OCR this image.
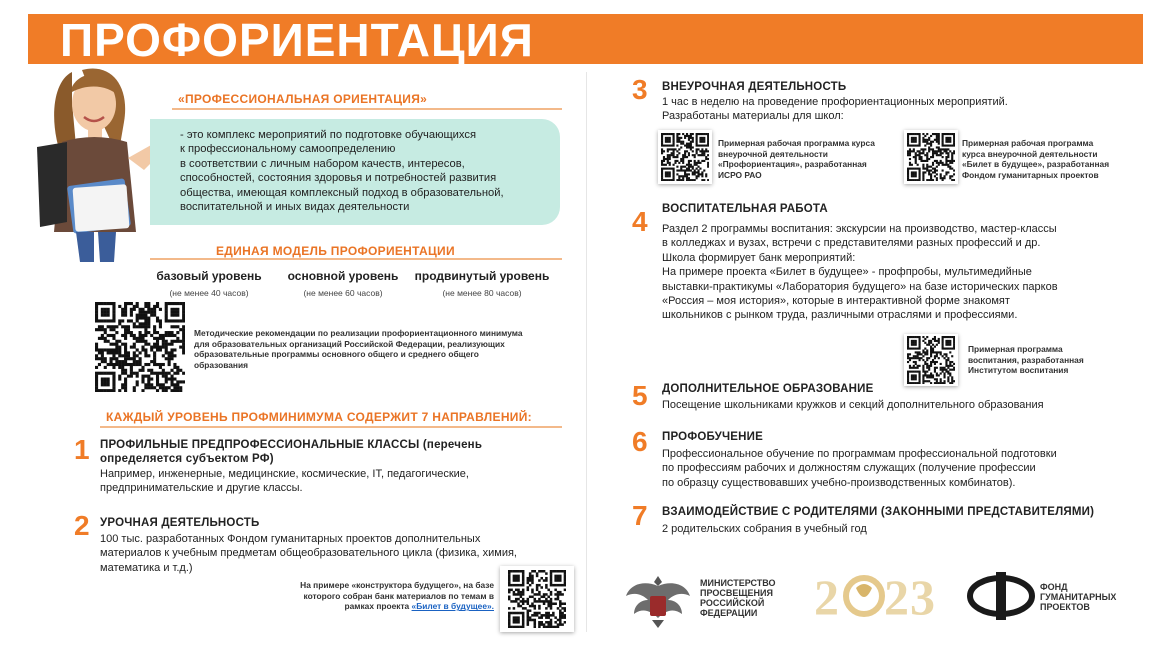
ПРОФОРИЕНТАЦИЯ
«ПРОФЕССИОНАЛЬНАЯ ОРИЕНТАЦИЯ»
- это комплекс мероприятий по подготовке обучающихся
к профессиональному самоопределению
в соответствии с личным набором качеств, интересов,
способностей, состояния здоровья и потребностей развития
общества, имеющая комплексный подход в образовательной,
воспитательной и иных видах деятельности
ЕДИНАЯ МОДЕЛЬ ПРОФОРИЕНТАЦИИ
базовый уровень
(не менее 40 часов)
основной уровень
(не менее 60 часов)
продвинутый уровень
(не менее 80 часов)
Методические рекомендации по реализации профориентационного минимума
для образовательных организаций Российской Федерации, реализующих
образовательные программы основного общего и среднего общего
образования
КАЖДЫЙ УРОВЕНЬ ПРОФМИНИМУМА СОДЕРЖИТ 7 НАПРАВЛЕНИЙ:
1 ПРОФИЛЬНЫЕ ПРЕДПРОФЕССИОНАЛЬНЫЕ КЛАССЫ (перечень
определяется субъектом РФ)
Например, инженерные, медицинские, космические, IT, педагогические,
предпринимательские и другие классы.
2 УРОЧНАЯ ДЕЯТЕЛЬНОСТЬ
100 тыс. разработанных Фондом гуманитарных проектов дополнительных
материалов к учебным предметам общеобразовательного цикла (физика, химия,
математика и т.д.)
На примере «конструктора будущего», на базе
которого собран банк материалов по темам в
рамках проекта «Билет в будущее».
3 ВНЕУРОЧНАЯ ДЕЯТЕЛЬНОСТЬ
1 час в неделю на проведение профориентационных мероприятий.
Разработаны материалы для школ:
Примерная рабочая программа курса
внеурочной деятельности
«Профориентация», разработанная
ИСРО РАО
Примерная рабочая программа
курса внеурочной деятельности
«Билет в будущее», разработанная
Фондом гуманитарных проектов
4 ВОСПИТАТЕЛЬНАЯ РАБОТА
Раздел 2 программы воспитания: экскурсии на производство, мастер-классы
в колледжах и вузах, встречи с представителями разных профессий и др.
Школа формирует банк мероприятий:
На примере проекта «Билет в будущее» - профпробы, мультимедийные
выставки-практикумы «Лаборатория будущего» на базе исторических парков
«Россия – моя история», которые в интерактивной форме знакомят
школьников с рынком труда, различными отраслями и профессиями.
Примерная программа
воспитания, разработанная
Институтом воспитания
5 ДОПОЛНИТЕЛЬНОЕ ОБРАЗОВАНИЕ
Посещение школьниками кружков и секций дополнительного образования
6 ПРОФОБУЧЕНИЕ
Профессиональное обучение по программам профессиональной подготовки
по профессиям рабочих и должностям служащих (получение профессии
по образцу существовавших учебно-производственных комбинатов).
7 ВЗАИМОДЕЙСТВИЕ С РОДИТЕЛЯМИ (ЗАКОННЫМИ ПРЕДСТАВИТЕЛЯМИ)
2 родительских собрания в учебный год
МИНИСТЕРСТВО
ПРОСВЕЩЕНИЯ
РОССИЙСКОЙ
ФЕДЕРАЦИИ	2 2 3	ФОНД
ГУМАНИТАРНЫХ
ПРОЕКТОВ
